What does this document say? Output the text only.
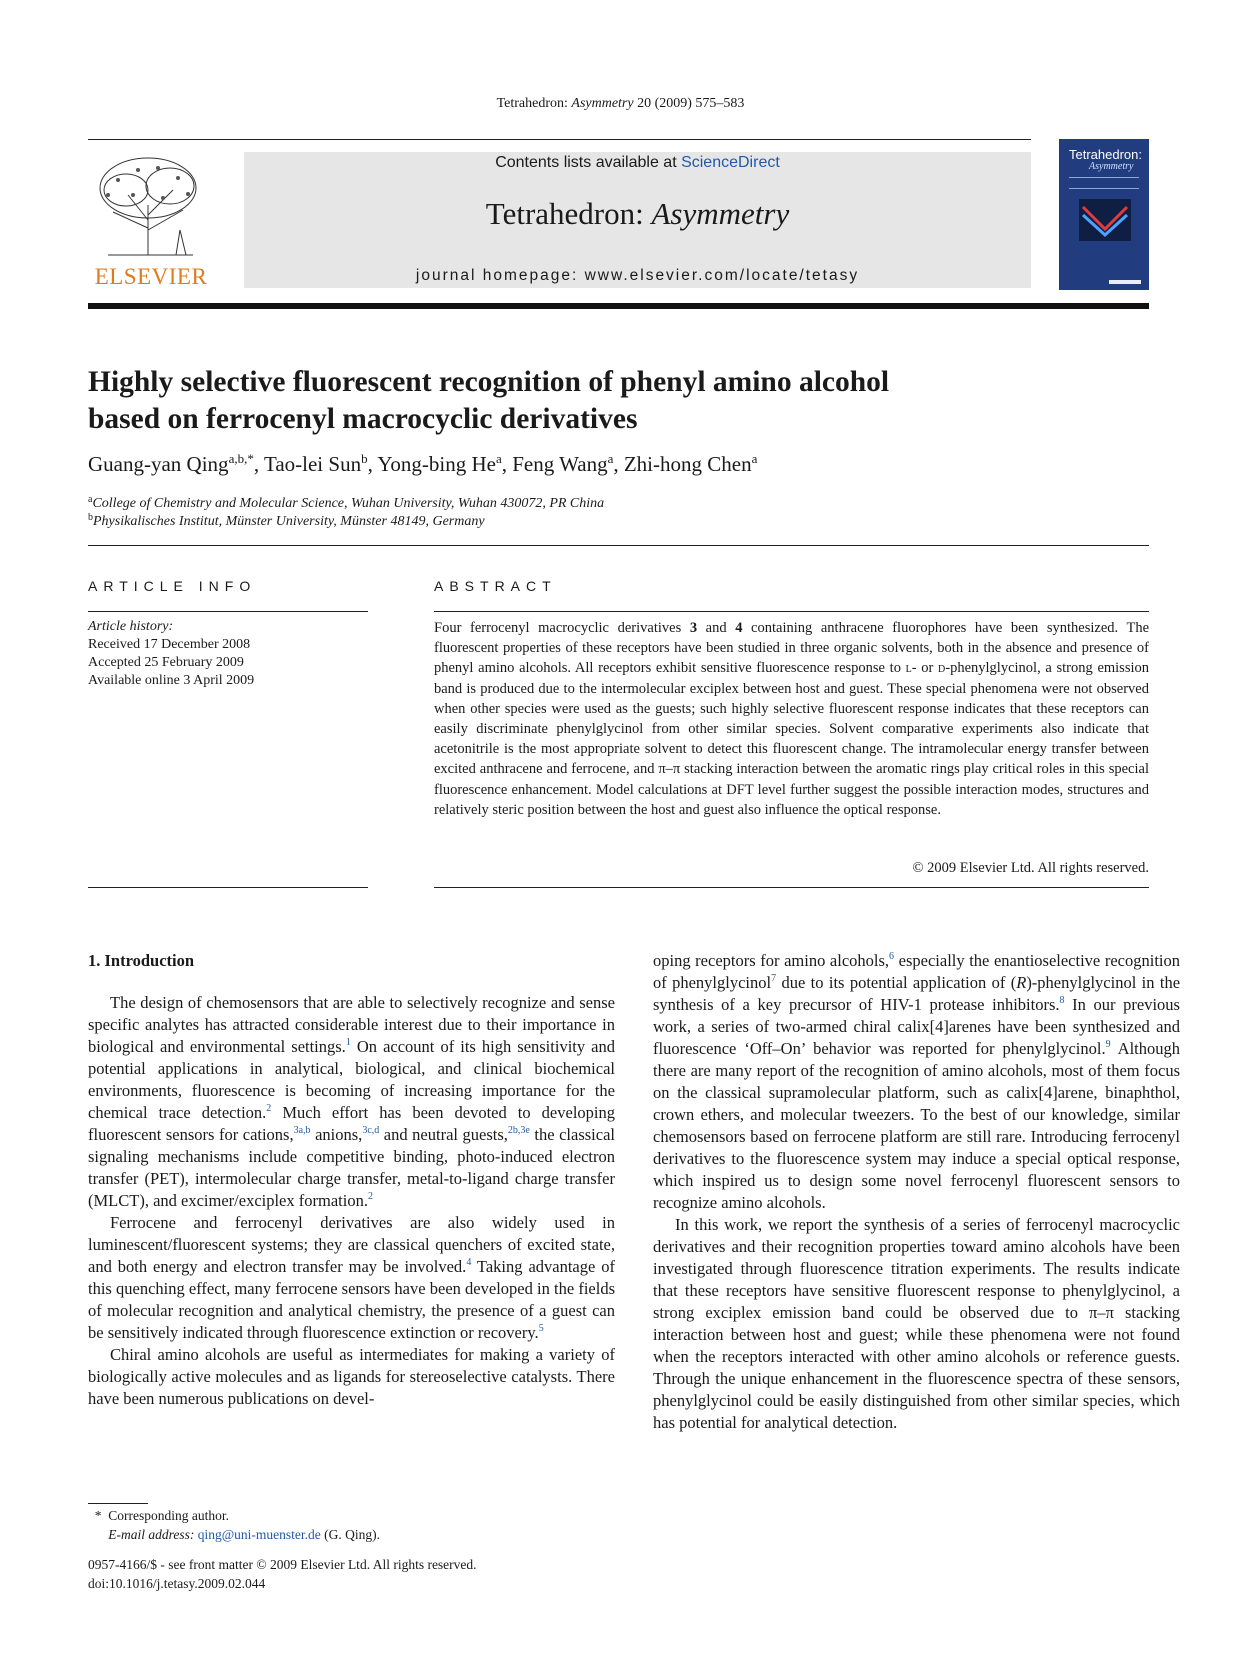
Tetrahedron: Asymmetry 20 (2009) 575–583
ELSEVIER
Contents lists available at ScienceDirect
Tetrahedron: Asymmetry
journal homepage: www.elsevier.com/locate/tetasy
Tetrahedron:
Asymmetry
Highly selective fluorescent recognition of phenyl amino alcohol
based on ferrocenyl macrocyclic derivatives
Guang-yan Qing$^{a,b,*}$, Tao-lei Sun$^b$, Yong-bing He$^a$, Feng Wang$^a$, Zhi-hong Chen$^a$
$^a$College of Chemistry and Molecular Science, Wuhan University, Wuhan 430072, PR China
$^b$Physikalisches Institut, Münster University, Münster 48149, Germany
ARTICLE INFO
Article history:
Received 17 December 2008
Accepted 25 February 2009
Available online 3 April 2009
ABSTRACT
Four ferrocenyl macrocyclic derivatives 3 and 4 containing anthracene fluorophores have been synthesized. The fluorescent properties of these receptors have been studied in three organic solvents, both in the absence and presence of phenyl amino alcohols. All receptors exhibit sensitive fluorescence response to l- or d-phenylglycinol, a strong emission band is produced due to the intermolecular exciplex between host and guest. These special phenomena were not observed when other species were used as the guests; such highly selective fluorescent response indicates that these receptors can easily discriminate phenylglycinol from other similar species. Solvent comparative experiments also indicate that acetonitrile is the most appropriate solvent to detect this fluorescent change. The intramolecular energy transfer between excited anthracene and ferrocene, and π–π stacking interaction between the aromatic rings play critical roles in this special fluorescence enhancement. Model calculations at DFT level further suggest the possible interaction modes, structures and relatively steric position between the host and guest also influence the optical response.
© 2009 Elsevier Ltd. All rights reserved.

1. Introduction

The design of chemosensors that are able to selectively recognize and sense specific analytes has attracted considerable interest due to their importance in biological and environmental settings.$^1$ On account of its high sensitivity and potential applications in analytical, biological, and clinical biochemical environments, fluorescence is becoming of increasing importance for the chemical trace detection.$^2$ Much effort has been devoted to developing fluorescent sensors for cations,$^{3a,b}$ anions,$^{3c,d}$ and neutral guests,$^{2b,3e}$ the classical signaling mechanisms include competitive binding, photo-induced electron transfer (PET), intermolecular charge transfer, metal-to-ligand charge transfer (MLCT), and excimer/exciplex formation.$^2$

Ferrocene and ferrocenyl derivatives are also widely used in luminescent/fluorescent systems; they are classical quenchers of excited state, and both energy and electron transfer may be involved.$^4$ Taking advantage of this quenching effect, many ferrocene sensors have been developed in the fields of molecular recognition and analytical chemistry, the presence of a guest can be sensitively indicated through fluorescence extinction or recovery.$^5$

Chiral amino alcohols are useful as intermediates for making a variety of biologically active molecules and as ligands for stereoselective catalysts. There have been numerous publications on devel-

oping receptors for amino alcohols,$^6$ especially the enantioselective recognition of phenylglycinol$^7$ due to its potential application of (R)-phenylglycinol in the synthesis of a key precursor of HIV-1 protease inhibitors.$^8$ In our previous work, a series of two-armed chiral calix[4]arenes have been synthesized and fluorescence ‘Off–On’ behavior was reported for phenylglycinol.$^9$ Although there are many report of the recognition of amino alcohols, most of them focus on the classical supramolecular platform, such as calix[4]arene, binaphthol, crown ethers, and molecular tweezers. To the best of our knowledge, similar chemosensors based on ferrocene platform are still rare. Introducing ferrocenyl derivatives to the fluorescence system may induce a special optical response, which inspired us to design some novel ferrocenyl fluorescent sensors to recognize amino alcohols.

In this work, we report the synthesis of a series of ferrocenyl macrocyclic derivatives and their recognition properties toward amino alcohols have been investigated through fluorescence titration experiments. The results indicate that these receptors have sensitive fluorescent response to phenylglycinol, a strong exciplex emission band could be observed due to π–π stacking interaction between host and guest; while these phenomena were not found when the receptors interacted with other amino alcohols or reference guests. Through the unique enhancement in the fluorescence spectra of these sensors, phenylglycinol could be easily distinguished from other similar species, which has potential for analytical detection.

* Corresponding author.
E-mail address: qing@uni-muenster.de (G. Qing).
0957-4166/$ - see front matter © 2009 Elsevier Ltd. All rights reserved.
doi:10.1016/j.tetasy.2009.02.044
